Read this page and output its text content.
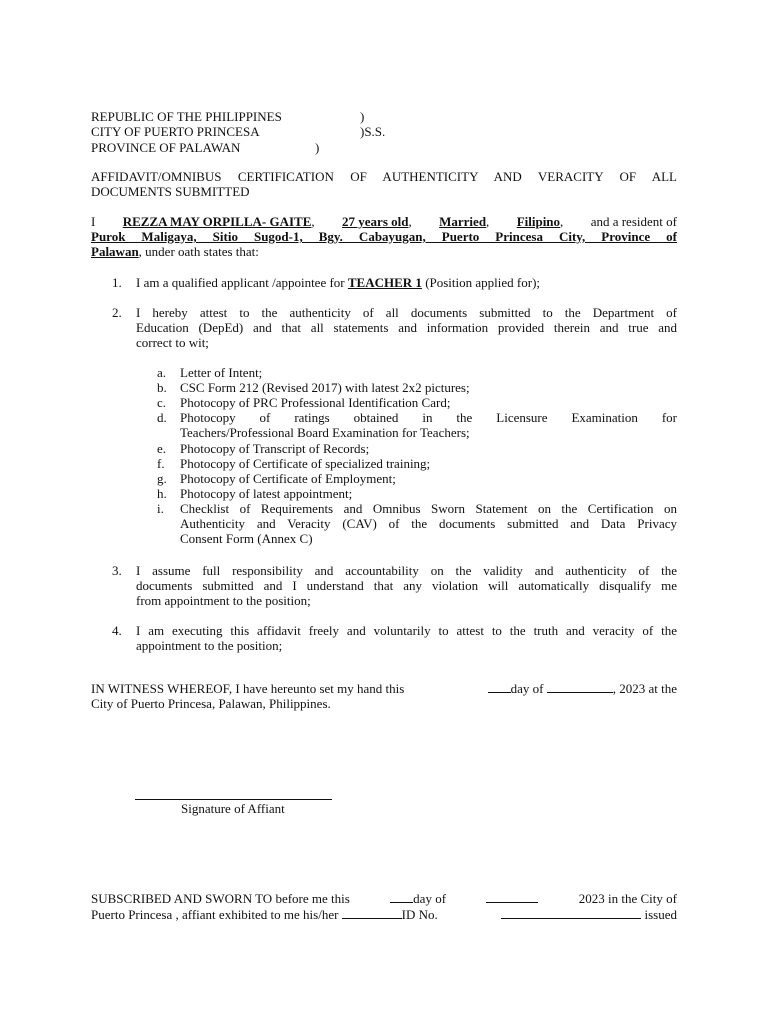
REPUBLIC OF THE PHILIPPINES	)
CITY OF PUERTO PRINCESA	)S.S.
PROVINCE OF PALAWAN	)
AFFIDAVIT/OMNIBUS CERTIFICATION OF AUTHENTICITY AND VERACITY OF ALL
DOCUMENTS SUBMITTED
I REZZA MAY ORPILLA- GAITE, 27 years old, Married, Filipino, and a resident of
Purok Maligaya, Sitio Sugod-1, Bgy. Cabayugan, Puerto Princesa City, Province of
Palawan, under oath states that:
1. I am a qualified applicant /appointee for TEACHER 1 (Position applied for);
2. I hereby attest to the authenticity of all documents submitted to the Department of
Education (DepEd) and that all statements and information provided therein and true and
correct to wit;
a. Letter of Intent;
b. CSC Form 212 (Revised 2017) with latest 2x2 pictures;
c. Photocopy of PRC Professional Identification Card;
d. Photocopy of ratings obtained in the Licensure Examination for
Teachers/Professional Board Examination for Teachers;
e. Photocopy of Transcript of Records;
f. Photocopy of Certificate of specialized training;
g. Photocopy of Certificate of Employment;
h. Photocopy of latest appointment;
i. Checklist of Requirements and Omnibus Sworn Statement on the Certification on
Authenticity and Veracity (CAV) of the documents submitted and Data Privacy
Consent Form (Annex C)
3. I assume full responsibility and accountability on the validity and authenticity of the
documents submitted and I understand that any violation will automatically disqualify me
from appointment to the position;
4. I am executing this affidavit freely and voluntarily to attest to the truth and veracity of the
appointment to the position;
IN WITNESS WHEREOF, I have hereunto set my hand this	day of	, 2023 at the
City of Puerto Princesa, Palawan, Philippines.
Signature of Affiant
SUBSCRIBED AND SWORN TO before me this	day of	2023 in the City of
Puerto Princesa , affiant exhibited to me his/her	ID No.	issued
